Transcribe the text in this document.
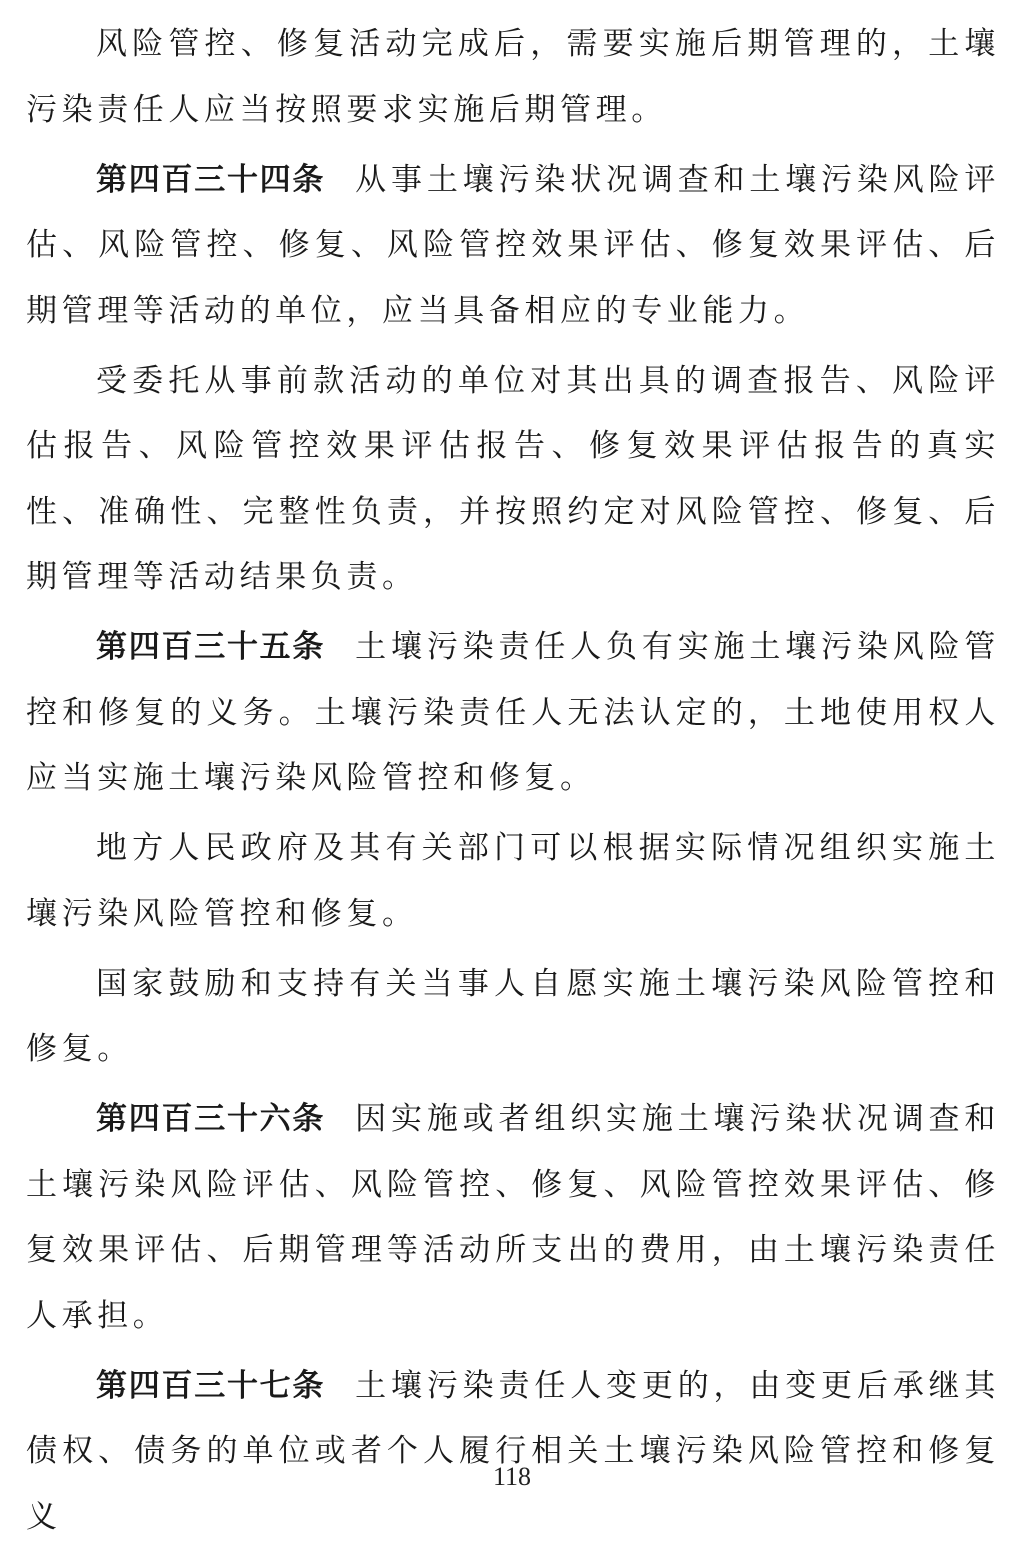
风险管控、修复活动完成后，需要实施后期管理的，土壤污染责任人应当按照要求实施后期管理。

第四百三十四条 从事土壤污染状况调查和土壤污染风险评估、风险管控、修复、风险管控效果评估、修复效果评估、后期管理等活动的单位，应当具备相应的专业能力。

受委托从事前款活动的单位对其出具的调查报告、风险评估报告、风险管控效果评估报告、修复效果评估报告的真实性、准确性、完整性负责，并按照约定对风险管控、修复、后期管理等活动结果负责。

第四百三十五条 土壤污染责任人负有实施土壤污染风险管控和修复的义务。土壤污染责任人无法认定的，土地使用权人应当实施土壤污染风险管控和修复。

地方人民政府及其有关部门可以根据实际情况组织实施土壤污染风险管控和修复。

国家鼓励和支持有关当事人自愿实施土壤污染风险管控和修复。

第四百三十六条 因实施或者组织实施土壤污染状况调查和土壤污染风险评估、风险管控、修复、风险管控效果评估、修复效果评估、后期管理等活动所支出的费用，由土壤污染责任人承担。

第四百三十七条 土壤污染责任人变更的，由变更后承继其债权、债务的单位或者个人履行相关土壤污染风险管控和修复义

118
